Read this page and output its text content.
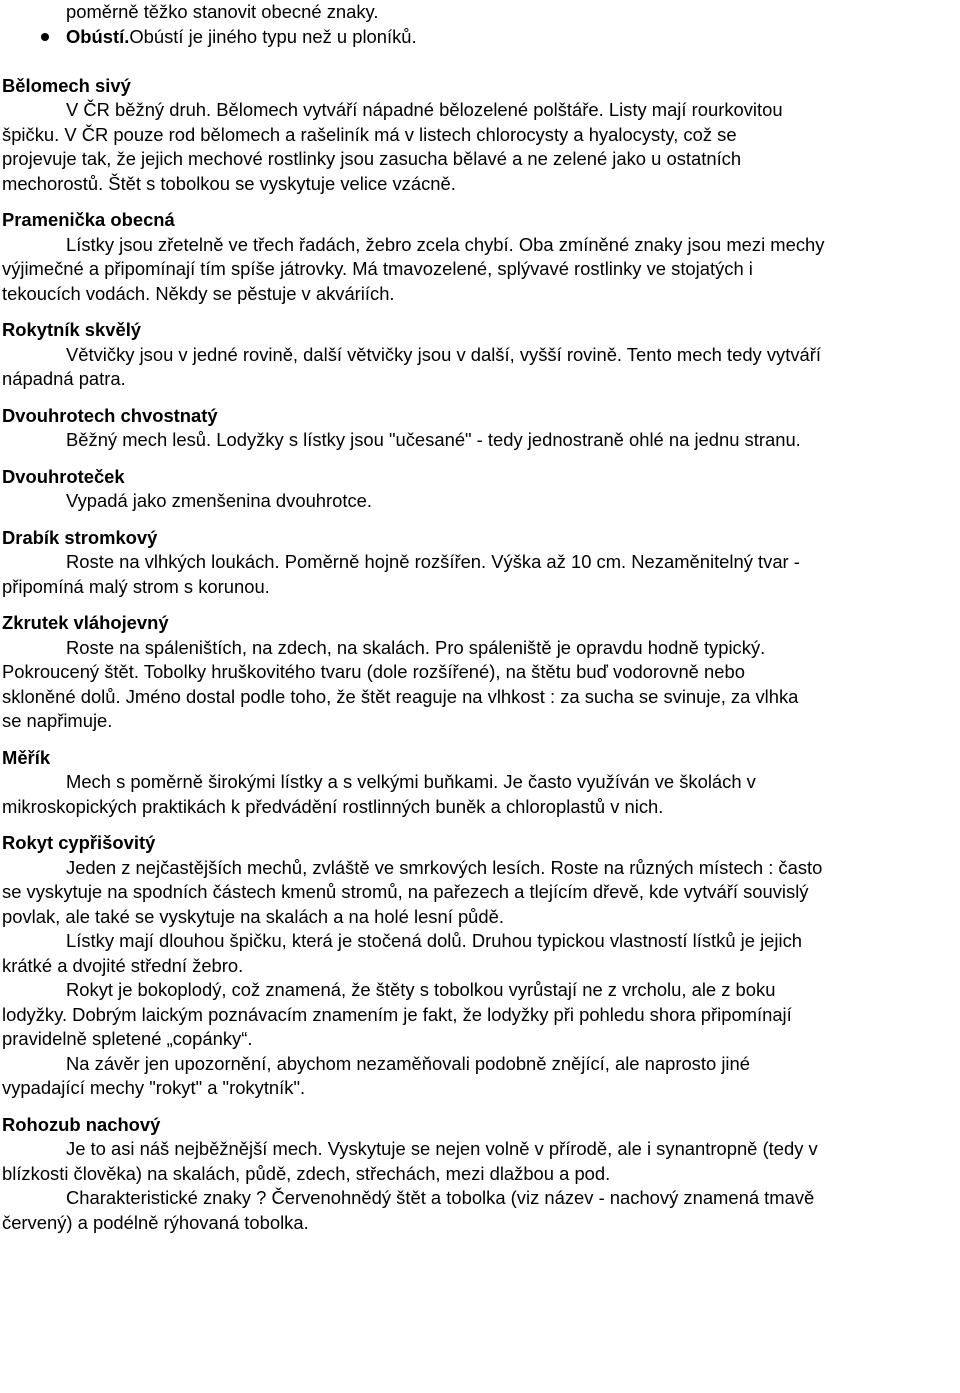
poměrně těžko stanovit obecné znaky.

Obústí. Obústí je jiného typu než u ploníků.

Bělomech sivý

V ČR běžný druh. Bělomech vytváří nápadné bělozelené polštáře. Listy mají rourkovitou

špičku. V ČR pouze rod bělomech a rašeliník má v listech chlorocysty a hyalocysty, což se

projevuje tak, že jejich mechové rostlinky jsou zasucha bělavé a ne zelené jako u ostatních

mechorostů. Štět s tobolkou se vyskytuje velice vzácně.

Pramenička obecná

Lístky jsou zřetelně ve třech řadách, žebro zcela chybí. Oba zmíněné znaky jsou mezi mechy

výjimečné a připomínají tím spíše játrovky. Má tmavozelené, splývavé rostlinky ve stojatých i

tekoucích vodách. Někdy se pěstuje v akváriích.

Rokytník skvělý

Větvičky jsou v jedné rovině, další větvičky jsou v další, vyšší rovině. Tento mech tedy vytváří

nápadná patra.

Dvouhrotech chvostnatý

Běžný mech lesů. Lodyžky s lístky jsou "učesané" - tedy jednostraně ohlé na jednu stranu.

Dvouhroteček

Vypadá jako zmenšenina dvouhrotce.

Drabík stromkový

Roste na vlhkých loukách. Poměrně hojně rozšířen. Výška až 10 cm. Nezaměnitelný tvar -

připomíná malý strom s korunou.

Zkrutek vláhojevný

Roste na spáleništích, na zdech, na skalách. Pro spáleniště je opravdu hodně typický.

Pokroucený štět. Tobolky hruškovitého tvaru (dole rozšířené), na štětu buď vodorovně nebo

skloněné dolů. Jméno dostal podle toho, že štět reaguje na vlhkost : za sucha se svinuje, za vlhka

se napřimuje.

Měřík

Mech s poměrně širokými lístky a s velkými buňkami. Je často využíván ve školách v

mikroskopických praktikách k předvádění rostlinných buněk a chloroplastů v nich.

Rokyt cypřišovitý

Jeden z nejčastějších mechů, zvláště ve smrkových lesích. Roste na různých místech : často

se vyskytuje na spodních částech kmenů stromů, na pařezech a tlejícím dřevě, kde vytváří souvislý

povlak, ale také se vyskytuje na skalách a na holé lesní půdě.

Lístky mají dlouhou špičku, která je stočená dolů. Druhou typickou vlastností lístků je jejich

krátké a dvojité střední žebro.

Rokyt je bokoplodý, což znamená, že štěty s tobolkou vyrůstají ne z vrcholu, ale z boku

lodyžky. Dobrým laickým poznávacím znamením je fakt, že lodyžky při pohledu shora připomínají

pravidelně spletené „copánky“.

Na závěr jen upozornění, abychom nezaměňovali podobně znějící, ale naprosto jiné

vypadající mechy "rokyt" a "rokytník".

Rohozub nachový

Je to asi náš nejběžnější mech. Vyskytuje se nejen volně v přírodě, ale i synantropně (tedy v

blízkosti člověka) na skalách, půdě, zdech, střechách, mezi dlažbou a pod.

Charakteristické znaky ? Červenohnědý štět a tobolka (viz název - nachový znamená tmavě

červený) a podélně rýhovaná tobolka.
